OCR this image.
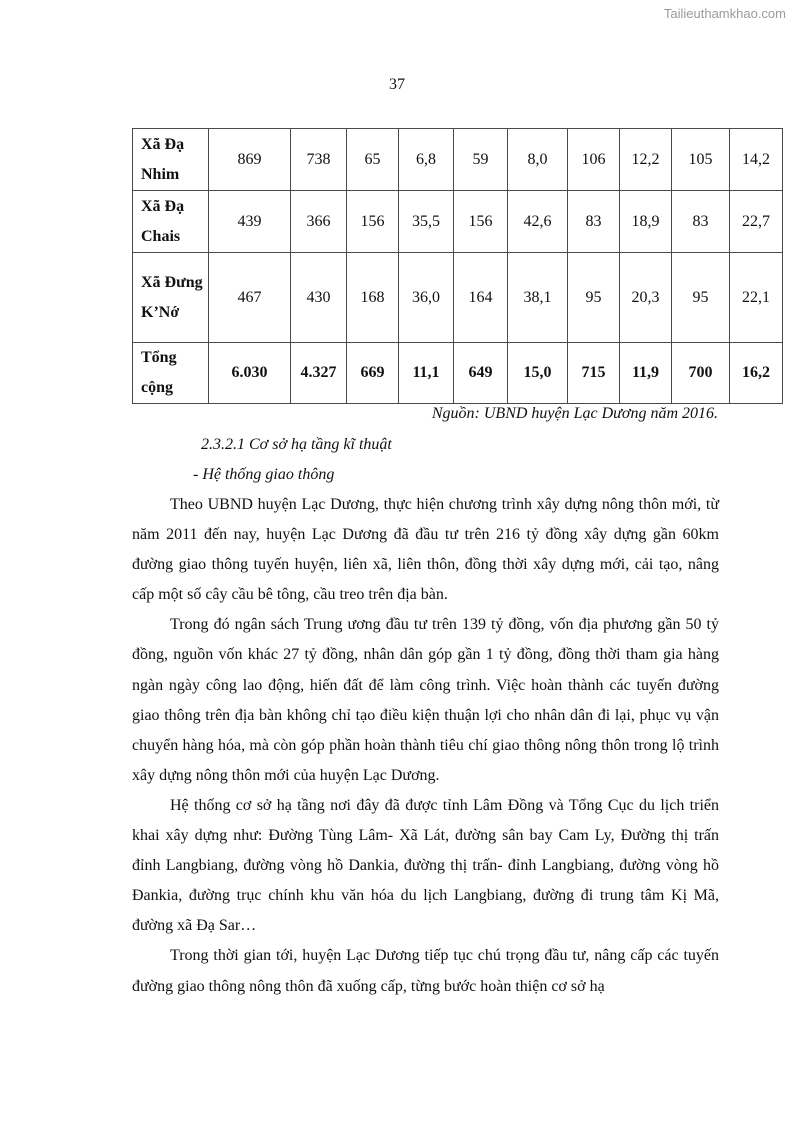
Tailieuthamkhao.com
37
Xã Đạ Nhim	869	738	65	6,8	59	8,0	106	12,2	105	14,2
Xã Đạ Chais	439	366	156	35,5	156	42,6	83	18,9	83	22,7
Xã Đưng K’Nớ	467	430	168	36,0	164	38,1	95	20,3	95	22,1
Tổng cộng	6.030	4.327	669	11,1	649	15,0	715	11,9	700	16,2
Nguồn: UBND huyện Lạc Dương năm 2016.
2.3.2.1 Cơ sở hạ tầng kĩ thuật
- Hệ thống giao thông

Theo UBND huyện Lạc Dương, thực hiện chương trình xây dựng nông thôn mới, từ năm 2011 đến nay, huyện Lạc Dương đã đầu tư trên 216 tỷ đồng xây dựng gần 60km đường giao thông tuyến huyện, liên xã, liên thôn, đồng thời xây dựng mới, cải tạo, nâng cấp một số cây cầu bê tông, cầu treo trên địa bàn.

Trong đó ngân sách Trung ương đầu tư trên 139 tỷ đồng, vốn địa phương gần 50 tỷ đồng, nguồn vốn khác 27 tỷ đồng, nhân dân góp gần 1 tỷ đồng, đồng thời tham gia hàng ngàn ngày công lao động, hiến đất để làm công trình. Việc hoàn thành các tuyến đường giao thông trên địa bàn không chỉ tạo điều kiện thuận lợi cho nhân dân đi lại, phục vụ vận chuyển hàng hóa, mà còn góp phần hoàn thành tiêu chí giao thông nông thôn trong lộ trình xây dựng nông thôn mới của huyện Lạc Dương.

Hệ thống cơ sở hạ tầng nơi đây đã được tỉnh Lâm Đồng và Tổng Cục du lịch triển khai xây dựng như: Đường Tùng Lâm- Xã Lát, đường sân bay Cam Ly, Đường thị trấn đỉnh Langbiang, đường vòng hồ Dankia, đường thị trấn- đỉnh Langbiang, đường vòng hồ Đankia, đường trục chính khu văn hóa du lịch Langbiang, đường đi trung tâm Kị Mã, đường xã Đạ Sar…

Trong thời gian tới, huyện Lạc Dương tiếp tục chú trọng đầu tư, nâng cấp các tuyến đường giao thông nông thôn đã xuống cấp, từng bước hoàn thiện cơ sở hạ
